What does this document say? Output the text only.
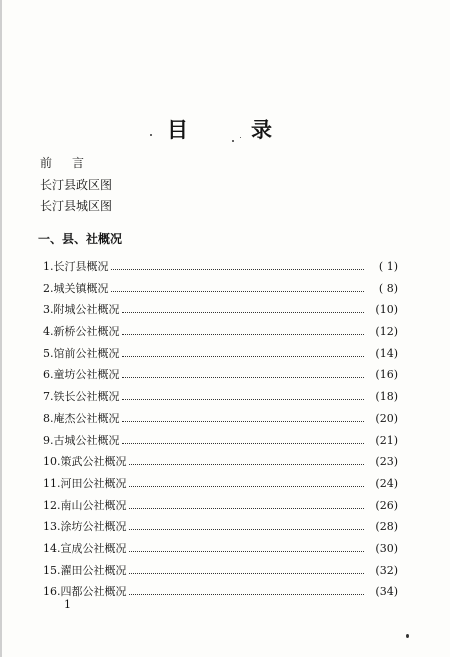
目	录
前言
长汀县政区图
长汀县城区图
一、县、社概况
1.长汀县概况	( 1)
2.城关镇概况	( 8)
3.附城公社概况	(10)
4.新桥公社概况	(12)
5.馆前公社概况	(14)
6.童坊公社概况	(16)
7.铁长公社概况	(18)
8.庵杰公社概况	(20)
9.古城公社概况	(21)
10.策武公社概况	(23)
11.河田公社概况	(24)
12.南山公社概况	(26)
13.涂坊公社概况	(28)
14.宣成公社概况	(30)
15.濯田公社概况	(32)
16.四都公社概况	(34)
1
